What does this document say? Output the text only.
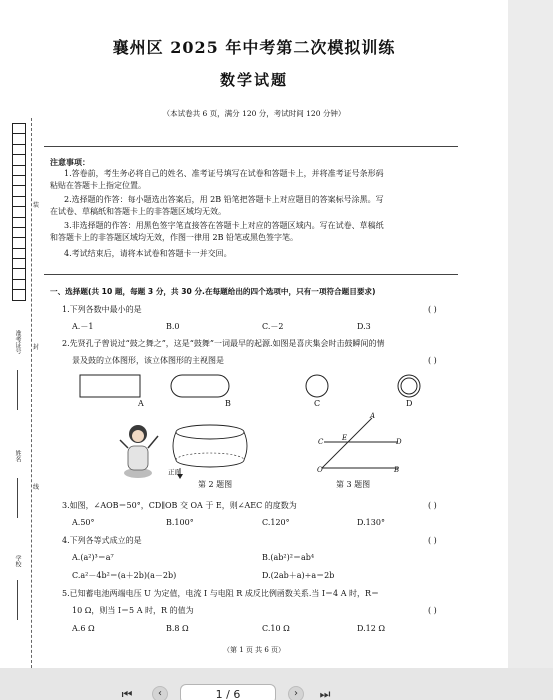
襄州区 2025 年中考第二次模拟训练
数学试题
（本试卷共 6 页，满分 120 分，考试时间 120 分钟）
准考证号
姓名
学校
装
封
线
注意事项：
1.答卷前，考生务必将自己的姓名、准考证号填写在试卷和答题卡上，并将准考证号条形码
粘贴在答题卡上指定位置。
2.选择题的作答：每小题选出答案后，用 2B 铅笔把答题卡上对应题目的答案标号涂黑。写
在试卷、草稿纸和答题卡上的非答题区域均无效。
3.非选择题的作答：用黑色签字笔直接答在答题卡上对应的答题区域内。写在试卷、草稿纸
和答题卡上的非答题区域均无效，作图一律用 2B 铅笔或黑色签字笔。
4.考试结束后，请将本试卷和答题卡一并交回。
一、选择题(共 10 题，每题 3 分，共 30 分.在每题给出的四个选项中，只有一项符合题目要求)
1.下列各数中最小的是	( )
A.－1	B.0	C.－2	D.3
2.先贤孔子曾说过“鼓之舞之”，这是“鼓舞”一词最早的起源.如图是喜庆集会时击鼓瞬间的情
景及鼓的立体图形，该立体图形的主视图是	( )
A	B	C	D
正面
第 2 题图
A
C	E	D
O	B
第 3 题图
3.如图，∠AOB＝50°，CD∥OB 交 OA 于 E，则∠AEC 的度数为	( )
A.50°	B.100°	C.120°	D.130°
4.下列各等式成立的是	( )
A.(a²)³＝a⁷	B.(ab²)²＝ab⁴
C.a²－4b²＝(a＋2b)(a－2b)	D.(2ab＋a)÷a＝2b
5.已知蓄电池两端电压 U 为定值，电流 I 与电阻 R 成反比例函数关系.当 I＝4 A 时，R＝
10 Ω，则当 I＝5 A 时，R 的值为	( )
A.6 Ω	B.8 Ω	C.10 Ω	D.12 Ω
（第 1 页 共 6 页）
⏮	‹	1 / 6	›	⏭
